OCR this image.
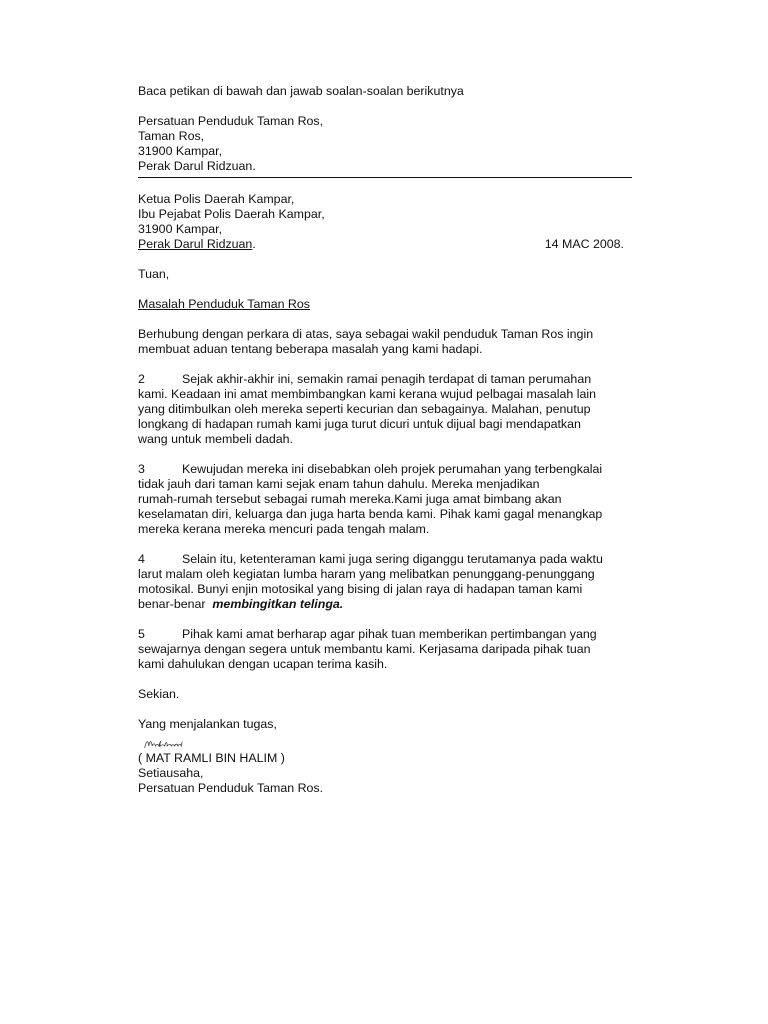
Baca petikan di bawah dan jawab soalan-soalan berikutnya
Persatuan Penduduk Taman Ros,
Taman Ros,
31900 Kampar,
Perak Darul Ridzuan.
Ketua Polis Daerah Kampar,
Ibu Pejabat Polis Daerah Kampar,
31900 Kampar,
Perak Darul Ridzuan.	14 MAC 2008.
Tuan,
Masalah Penduduk Taman Ros
Berhubung dengan perkara di atas, saya sebagai wakil penduduk Taman Ros ingin
membuat aduan tentang beberapa masalah yang kami hadapi.
2	Sejak akhir-akhir ini, semakin ramai penagih terdapat di taman perumahan
kami. Keadaan ini amat membimbangkan kami kerana wujud pelbagai masalah lain
yang ditimbulkan oleh mereka seperti kecurian dan sebagainya. Malahan, penutup
longkang di hadapan rumah kami juga turut dicuri untuk dijual bagi mendapatkan
wang untuk membeli dadah.
3	Kewujudan mereka ini disebabkan oleh projek perumahan yang terbengkalai
tidak jauh dari taman kami sejak enam tahun dahulu. Mereka menjadikan
rumah-rumah tersebut sebagai rumah mereka.Kami juga amat bimbang akan
keselamatan diri, keluarga dan juga harta benda kami. Pihak kami gagal menangkap
mereka kerana mereka mencuri pada tengah malam.
4	Selain itu, ketenteraman kami juga sering diganggu terutamanya pada waktu
larut malam oleh kegiatan lumba haram yang melibatkan penunggang-penunggang
motosikal. Bunyi enjin motosikal yang bising di jalan raya di hadapan taman kami
benar-benar membingitkan telinga.
5	Pihak kami amat berharap agar pihak tuan memberikan pertimbangan yang
sewajarnya dengan segera untuk membantu kami. Kerjasama daripada pihak tuan
kami dahulukan dengan ucapan terima kasih.
Sekian.
Yang menjalankan tugas,
( MAT RAMLI BIN HALIM )
Setiausaha,
Persatuan Penduduk Taman Ros.
